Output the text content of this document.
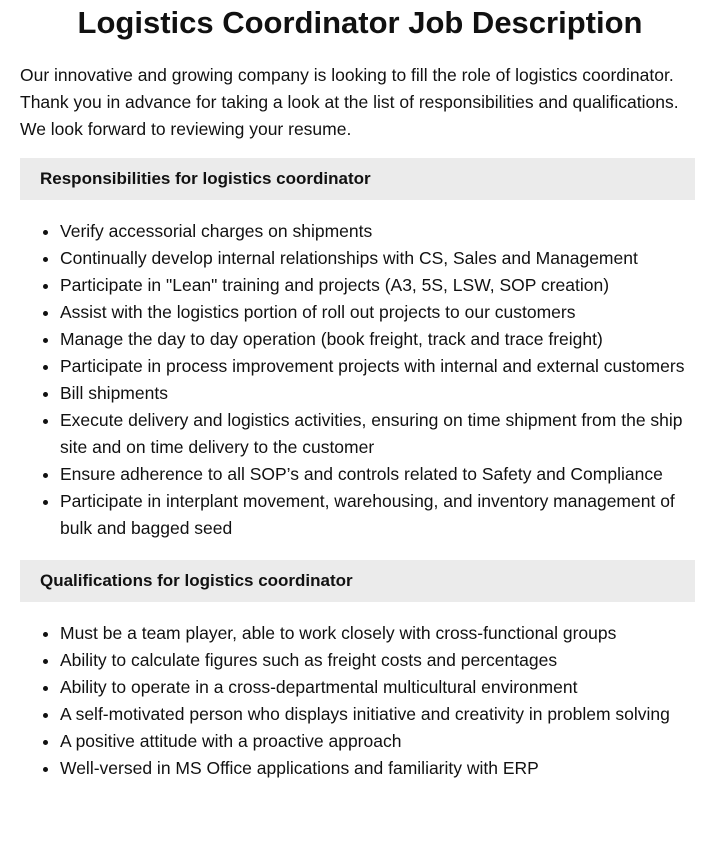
Logistics Coordinator Job Description

Our innovative and growing company is looking to fill the role of logistics coordinator. Thank you in advance for taking a look at the list of responsibilities and qualifications. We look forward to reviewing your resume.

Responsibilities for logistics coordinator
• Verify accessorial charges on shipments
• Continually develop internal relationships with CS, Sales and Management
• Participate in "Lean" training and projects (A3, 5S, LSW, SOP creation)
• Assist with the logistics portion of roll out projects to our customers
• Manage the day to day operation (book freight, track and trace freight)
• Participate in process improvement projects with internal and external customers
• Bill shipments
• Execute delivery and logistics activities, ensuring on time shipment from the ship site and on time delivery to the customer
• Ensure adherence to all SOP’s and controls related to Safety and Compliance
• Participate in interplant movement, warehousing, and inventory management of bulk and bagged seed
Qualifications for logistics coordinator
• Must be a team player, able to work closely with cross-functional groups
• Ability to calculate figures such as freight costs and percentages
• Ability to operate in a cross-departmental multicultural environment
• A self-motivated person who displays initiative and creativity in problem solving
• A positive attitude with a proactive approach
• Well-versed in MS Office applications and familiarity with ERP
